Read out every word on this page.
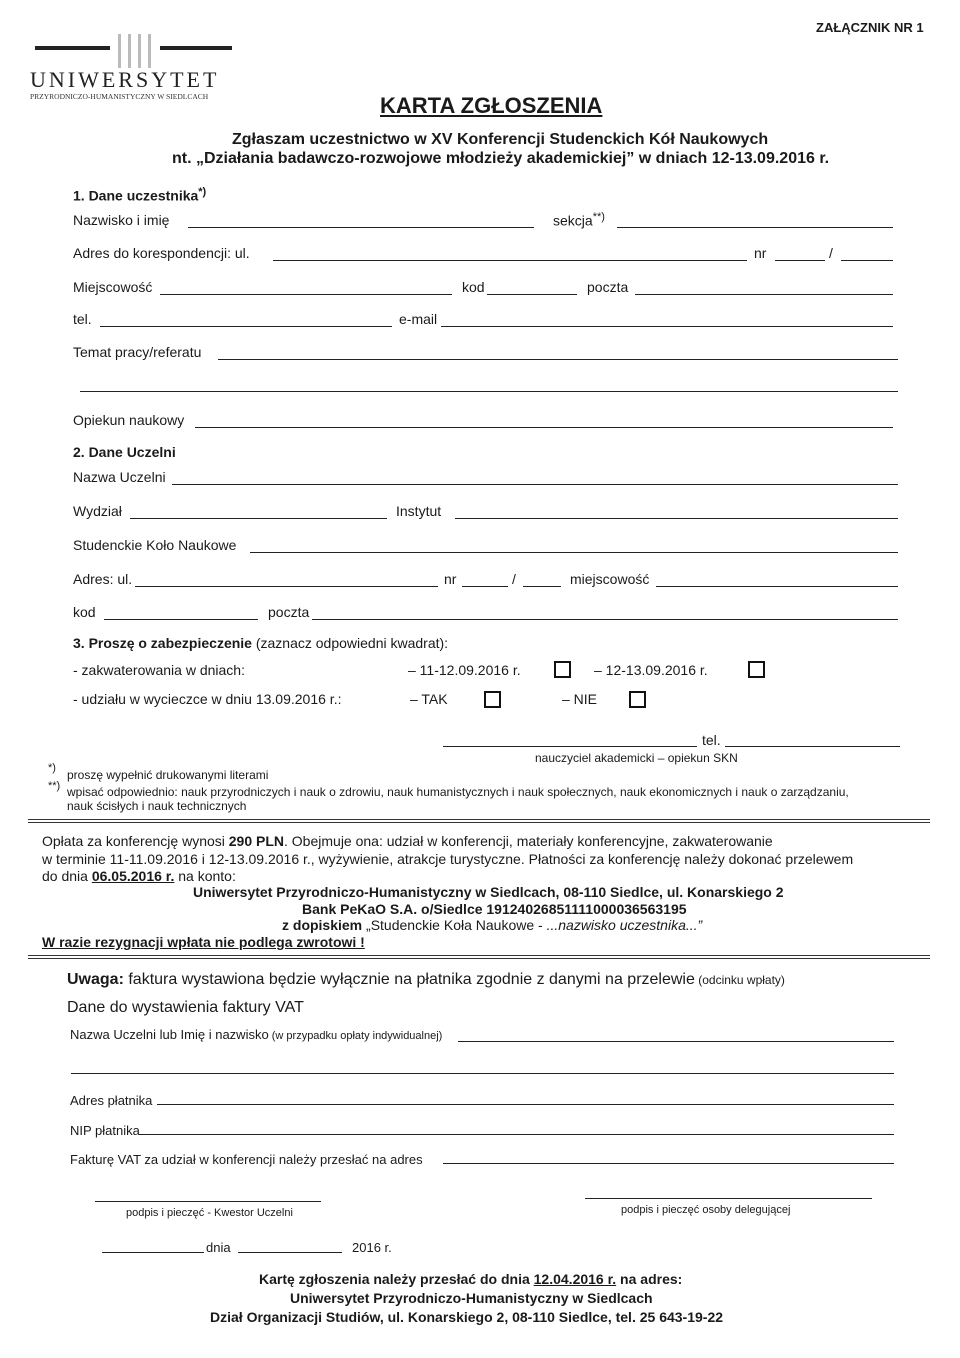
ZAŁĄCZNIK NR 1
UNIWERSYTET
PRZYRODNICZO-HUMANISTYCZNY W SIEDLCACH	KARTA ZGŁOSZENIA
Zgłaszam uczestnictwo w XV Konferencji Studenckich Kół Naukowych
nt. „Działania badawczo-rozwojowe młodzieży akademickiej” w dniach 12-13.09.2016 r.
1. Dane uczestnika*)
Nazwisko i imię	sekcja**)
Adres do korespondencji: ul.	nr	/
Miejscowość	kod	poczta
tel.	e-mail
Temat pracy/referatu
Opiekun naukowy
2. Dane Uczelni
Nazwa Uczelni
Wydział	Instytut
Studenckie Koło Naukowe
Adres: ul.	nr	/	miejscowość
kod	poczta
3. Proszę o zabezpieczenie (zaznacz odpowiedni kwadrat):
- zakwaterowania w dniach:	– 11-12.09.2016 r.	– 12-13.09.2016 r.
- udziału w wycieczce w dniu 13.09.2016 r.:	– TAK	– NIE
tel.
nauczyciel akademicki – opiekun SKN
*) proszę wypełnić drukowanymi literami
**) wpisać odpowiednio: nauk przyrodniczych i nauk o zdrowiu, nauk humanistycznych i nauk społecznych, nauk ekonomicznych i nauk o zarządzaniu,
nauk ścisłych i nauk technicznych
Opłata za konferencję wynosi 290 PLN. Obejmuje ona: udział w konferencji, materiały konferencyjne, zakwaterowanie
w terminie 11-11.09.2016 i 12-13.09.2016 r., wyżywienie, atrakcje turystyczne. Płatności za konferencję należy dokonać przelewem
do dnia 06.05.2016 r. na konto:
Uniwersytet Przyrodniczo-Humanistyczny w Siedlcach, 08-110 Siedlce, ul. Konarskiego 2
Bank PeKaO S.A. o/Siedlce 19124026851111000036563195
z dopiskiem „Studenckie Koła Naukowe - ...nazwisko uczestnika...”
W razie rezygnacji wpłata nie podlega zwrotowi !
Uwaga: faktura wystawiona będzie wyłącznie na płatnika zgodnie z danymi na przelewie (odcinku wpłaty)
Dane do wystawienia faktury VAT
Nazwa Uczelni lub Imię i nazwisko (w przypadku opłaty indywidualnej)
Adres płatnika
NIP płatnika
Fakturę VAT za udział w konferencji należy przesłać na adres
podpis i pieczęć - Kwestor Uczelni	podpis i pieczęć osoby delegującej
dnia	2016 r.
Kartę zgłoszenia należy przesłać do dnia 12.04.2016 r. na adres:
Uniwersytet Przyrodniczo-Humanistyczny w Siedlcach
Dział Organizacji Studiów, ul. Konarskiego 2, 08-110 Siedlce, tel. 25 643-19-22
